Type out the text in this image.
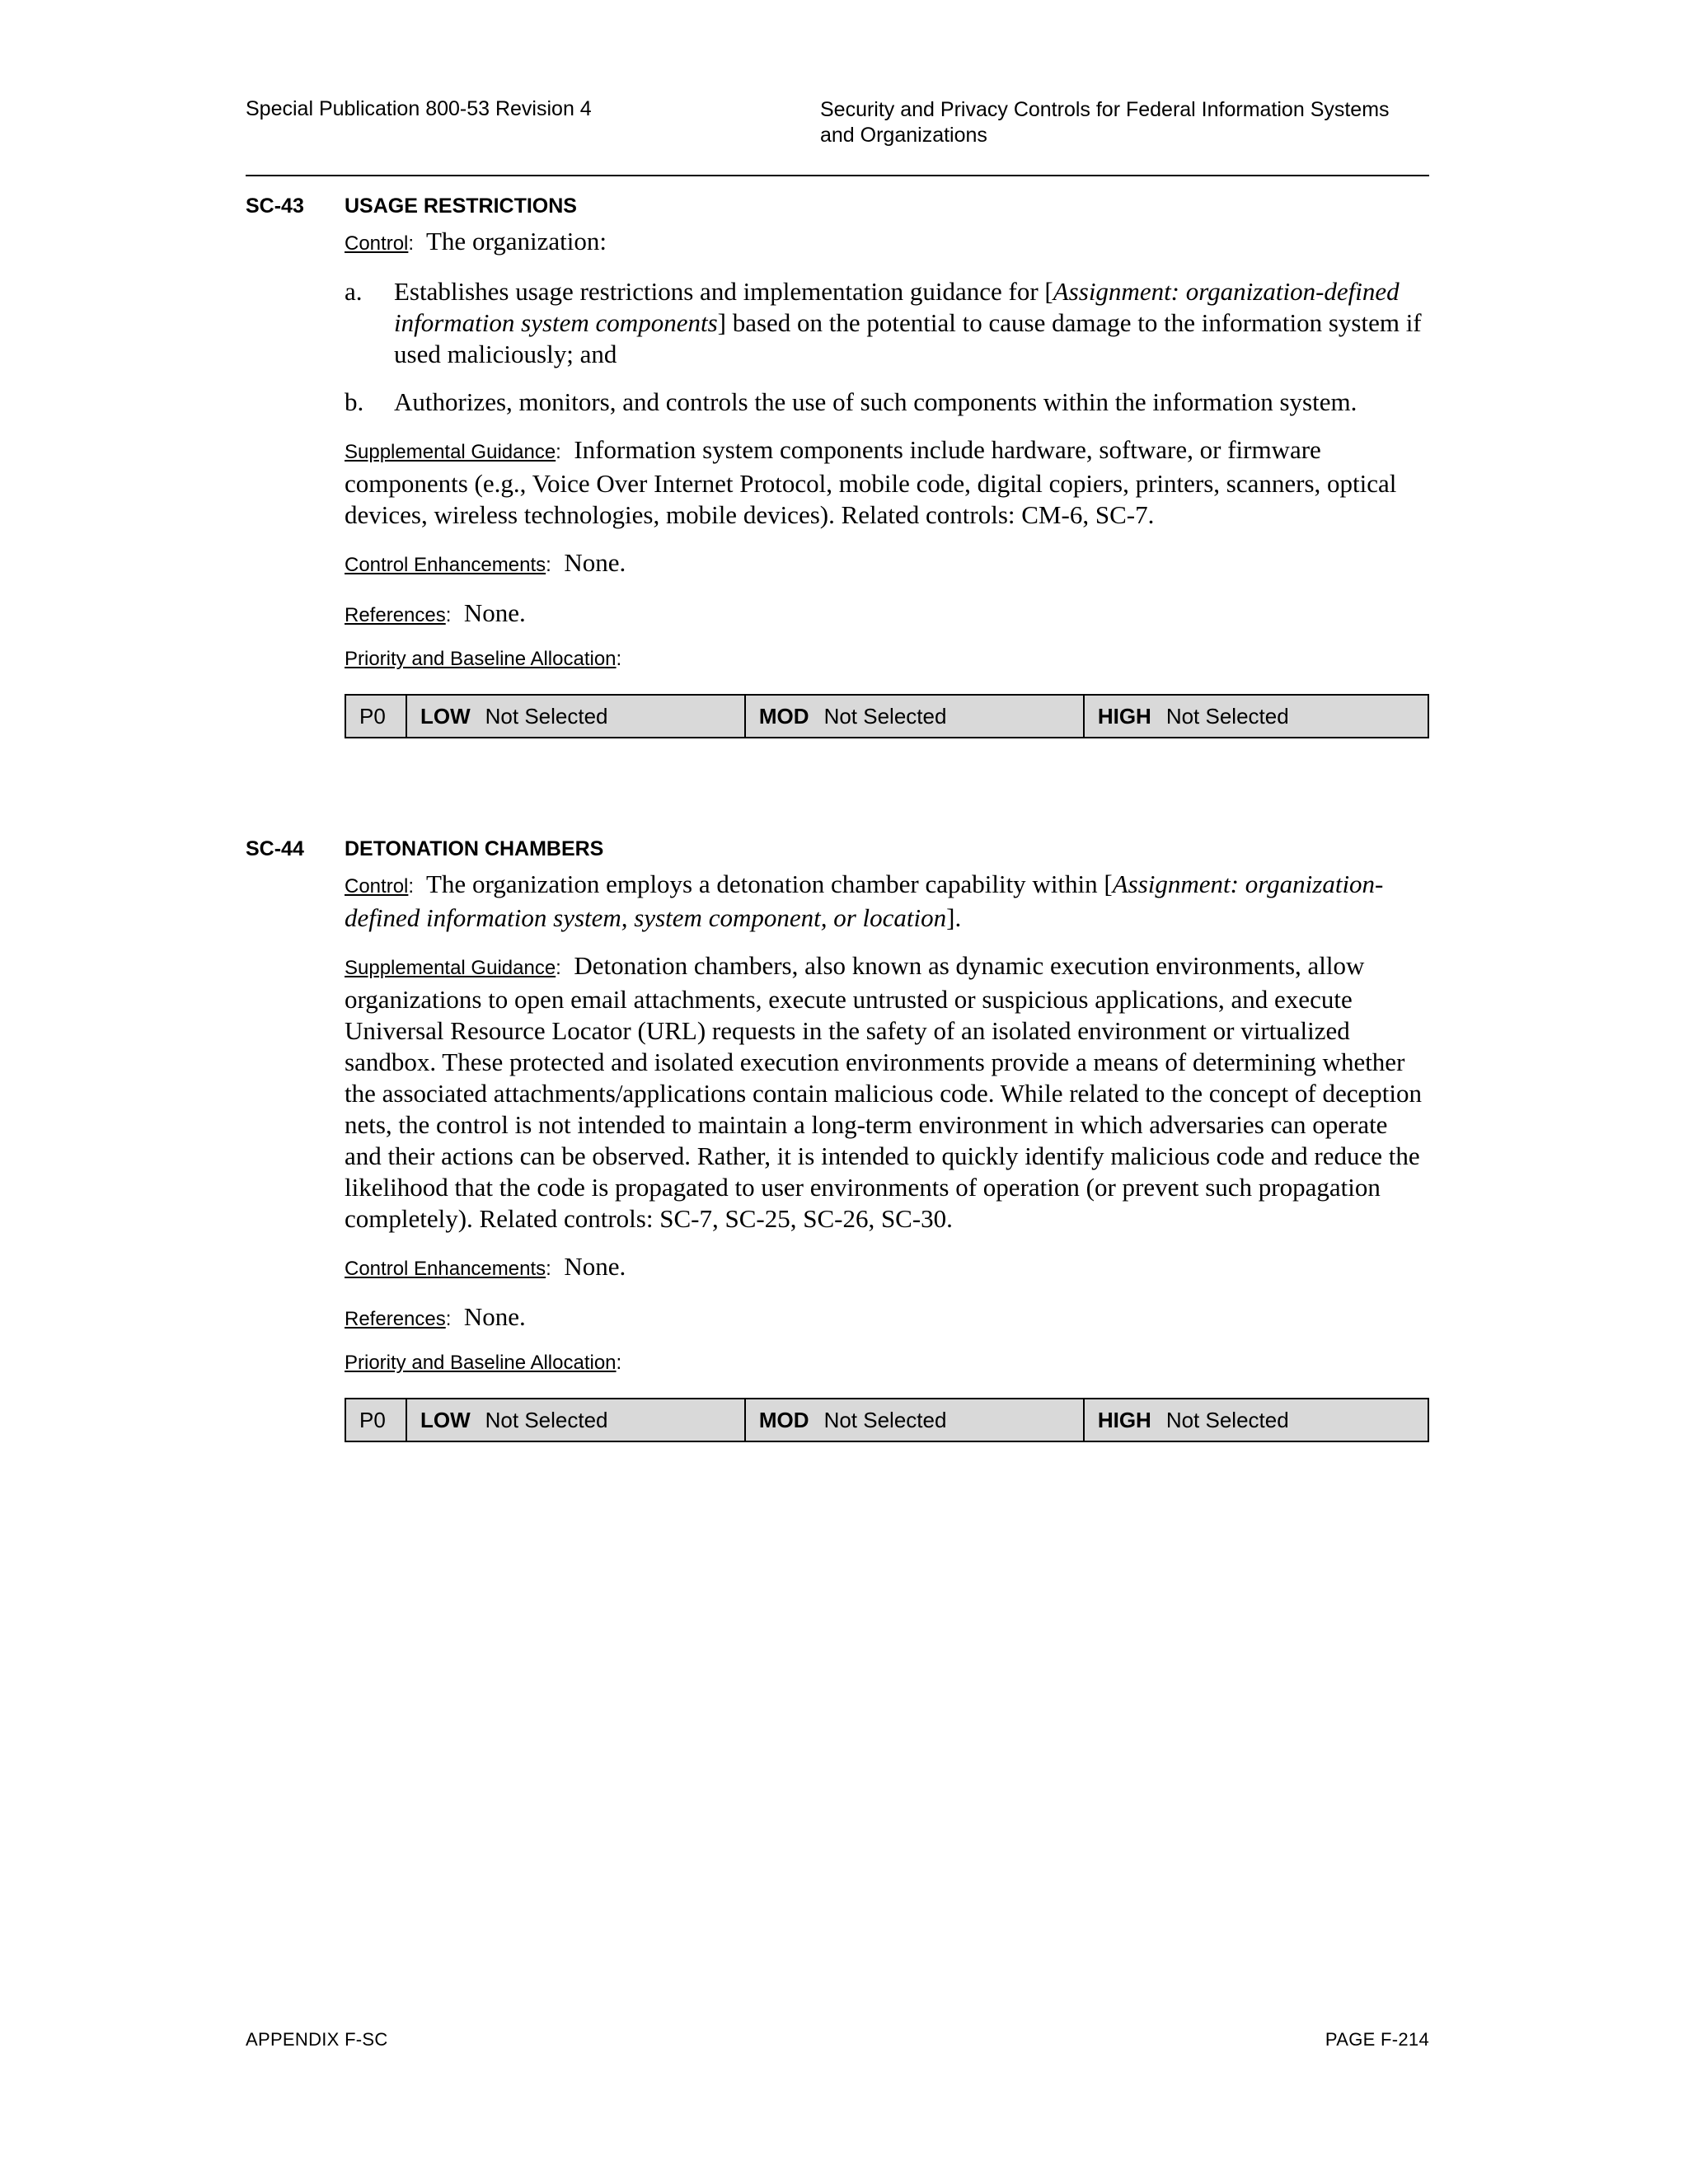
Special Publication 800-53 Revision 4	Security and Privacy Controls for Federal Information Systems
and Organizations
SC-43 USAGE RESTRICTIONS

Control: The organization:

a. Establishes usage restrictions and implementation guidance for [Assignment: organization-defined information system components] based on the potential to cause damage to the information system if used maliciously; and
b. Authorizes, monitors, and controls the use of such components within the information system.

Supplemental Guidance: Information system components include hardware, software, or firmware components (e.g., Voice Over Internet Protocol, mobile code, digital copiers, printers, scanners, optical devices, wireless technologies, mobile devices). Related controls: CM-6, SC-7.

Control Enhancements: None.

References: None.

Priority and Baseline Allocation:

P0	LOW Not Selected	MOD Not Selected	HIGH Not Selected
SC-44 DETONATION CHAMBERS

Control: The organization employs a detonation chamber capability within [Assignment: organization-defined information system, system component, or location].

Supplemental Guidance: Detonation chambers, also known as dynamic execution environments, allow organizations to open email attachments, execute untrusted or suspicious applications, and execute Universal Resource Locator (URL) requests in the safety of an isolated environment or virtualized sandbox. These protected and isolated execution environments provide a means of determining whether the associated attachments/applications contain malicious code. While related to the concept of deception nets, the control is not intended to maintain a long-term environment in which adversaries can operate and their actions can be observed. Rather, it is intended to quickly identify malicious code and reduce the likelihood that the code is propagated to user environments of operation (or prevent such propagation completely). Related controls: SC-7, SC-25, SC-26, SC-30.

Control Enhancements: None.

References: None.

Priority and Baseline Allocation:

P0	LOW Not Selected	MOD Not Selected	HIGH Not Selected
APPENDIX F-SC	PAGE F-214
